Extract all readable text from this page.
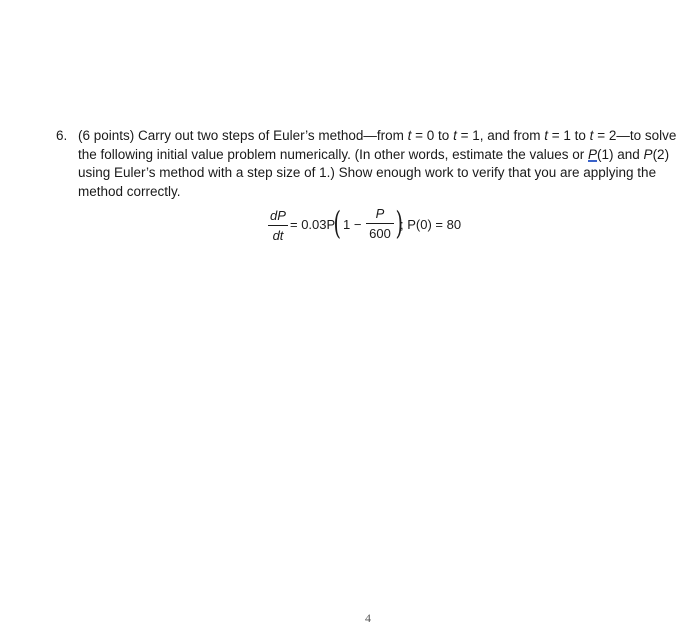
6. (6 points) Carry out two steps of Euler’s method—from t = 0 to t = 1, and from t = 1 to t = 2—to solve
the following initial value problem numerically. (In other words, estimate the values or P(1) and P(2)
using Euler’s method with a step size of 1.) Show enough work to verify that you are applying the
method correctly.
dP
dt
= 0.03P
( 1 −
P
600 )
; P(0) = 80
4
